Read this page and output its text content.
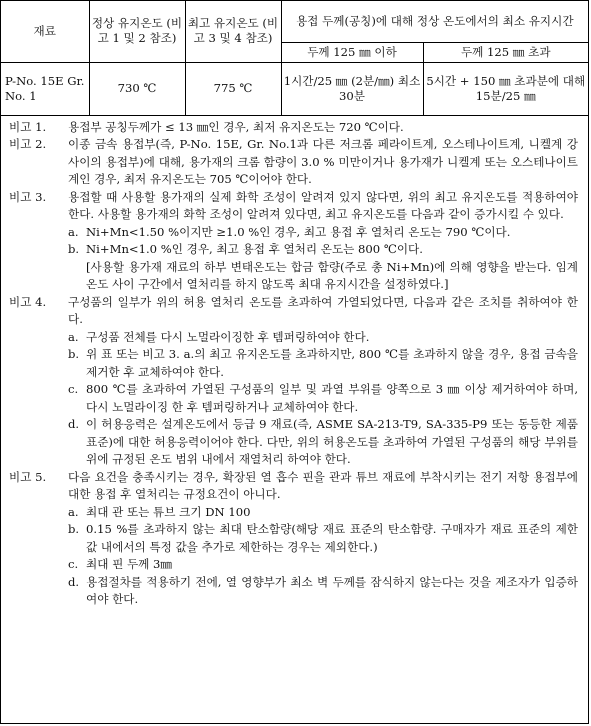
재료	정상 유지온도 (비고 1 및 2 참조)	최고 유지온도 (비고 3 및 4 참조)	용접 두께(공칭)에 대해 정상 온도에서의 최소 유지시간	
			두께 125 ㎜ 이하	두께 125 ㎜ 초과
P-No. 15E Gr. No. 1	730 ℃	775 ℃	1시간/25 ㎜ (2분/㎜) 최소 30분	5시간 + 150 ㎜ 초과분에 대해 15분/25 ㎜
비고 1.	용접부 공칭두께가 ≤ 13 ㎜인 경우, 최저 유지온도는 720 ℃이다.
비고 2.	이종 금속 용접부(즉, P-No. 15E, Gr. No.1과 다른 저크롬 페라이트계, 오스테나이트계, 니켈계 강 사이의 용접부)에 대해, 용가재의 크롬 함량이 3.0 % 미만이거나 용가재가 니켈계 또는 오스테나이트계인 경우, 최저 유지온도는 705 ℃이어야 한다.
비고 3.	용접할 때 사용할 용가재의 실제 화학 조성이 알려져 있지 않다면, 위의 최고 유지온도를 적용하여야 한다. 사용할 용가재의 화학 조성이 알려져 있다면, 최고 유지온도를 다음과 같이 증가시킬 수 있다.
a. Ni+Mn<1.50 %이지만 ≥1.0 %인 경우, 최고 용접 후 열처리 온도는 790 ℃이다.
b. Ni+Mn<1.0 %인 경우, 최고 용접 후 열처리 온도는 800 ℃이다.
[사용할 용가재 재료의 하부 변태온도는 합금 함량(주로 총 Ni+Mn)에 의해 영향을 받는다. 임계온도 사이 구간에서 열처리를 하지 않도록 최대 유지시간을 설정하였다.]
비고 4.	구성품의 일부가 위의 허용 열처리 온도를 초과하여 가열되었다면, 다음과 같은 조치를 취하여야 한다.
a. 구성품 전체를 다시 노멀라이징한 후 템퍼링하여야 한다.
b. 위 표 또는 비고 3. a.의 최고 유지온도를 초과하지만, 800 ℃를 초과하지 않을 경우, 용접 금속을 제거한 후 교체하여야 한다.
c. 800 ℃를 초과하여 가열된 구성품의 일부 및 과열 부위를 양쪽으로 3 ㎜ 이상 제거하여야 하며, 다시 노멀라이징 한 후 템퍼링하거나 교체하여야 한다.
d. 이 허용응력은 설계온도에서 등급 9 재료(즉, ASME SA-213-T9, SA-335-P9 또는 동등한 제품 표준)에 대한 허용응력이어야 한다. 다만, 위의 허용온도를 초과하여 가열된 구성품의 해당 부위를 위에 규정된 온도 범위 내에서 재열처리 하여야 한다.
비고 5.	다음 요건을 충족시키는 경우, 확장된 열 흡수 핀을 관과 튜브 재료에 부착시키는 전기 저항 용접부에 대한 용접 후 열처리는 규정요건이 아니다.
a. 최대 관 또는 튜브 크기 DN 100
b. 0.15 %를 초과하지 않는 최대 탄소함량(해당 재료 표준의 탄소함량. 구매자가 재료 표준의 제한값 내에서의 특정 값을 추가로 제한하는 경우는 제외한다.)
c. 최대 핀 두께 3㎜
d. 용접절차를 적용하기 전에, 열 영향부가 최소 벽 두께를 잠식하지 않는다는 것을 제조자가 입증하여야 한다.
